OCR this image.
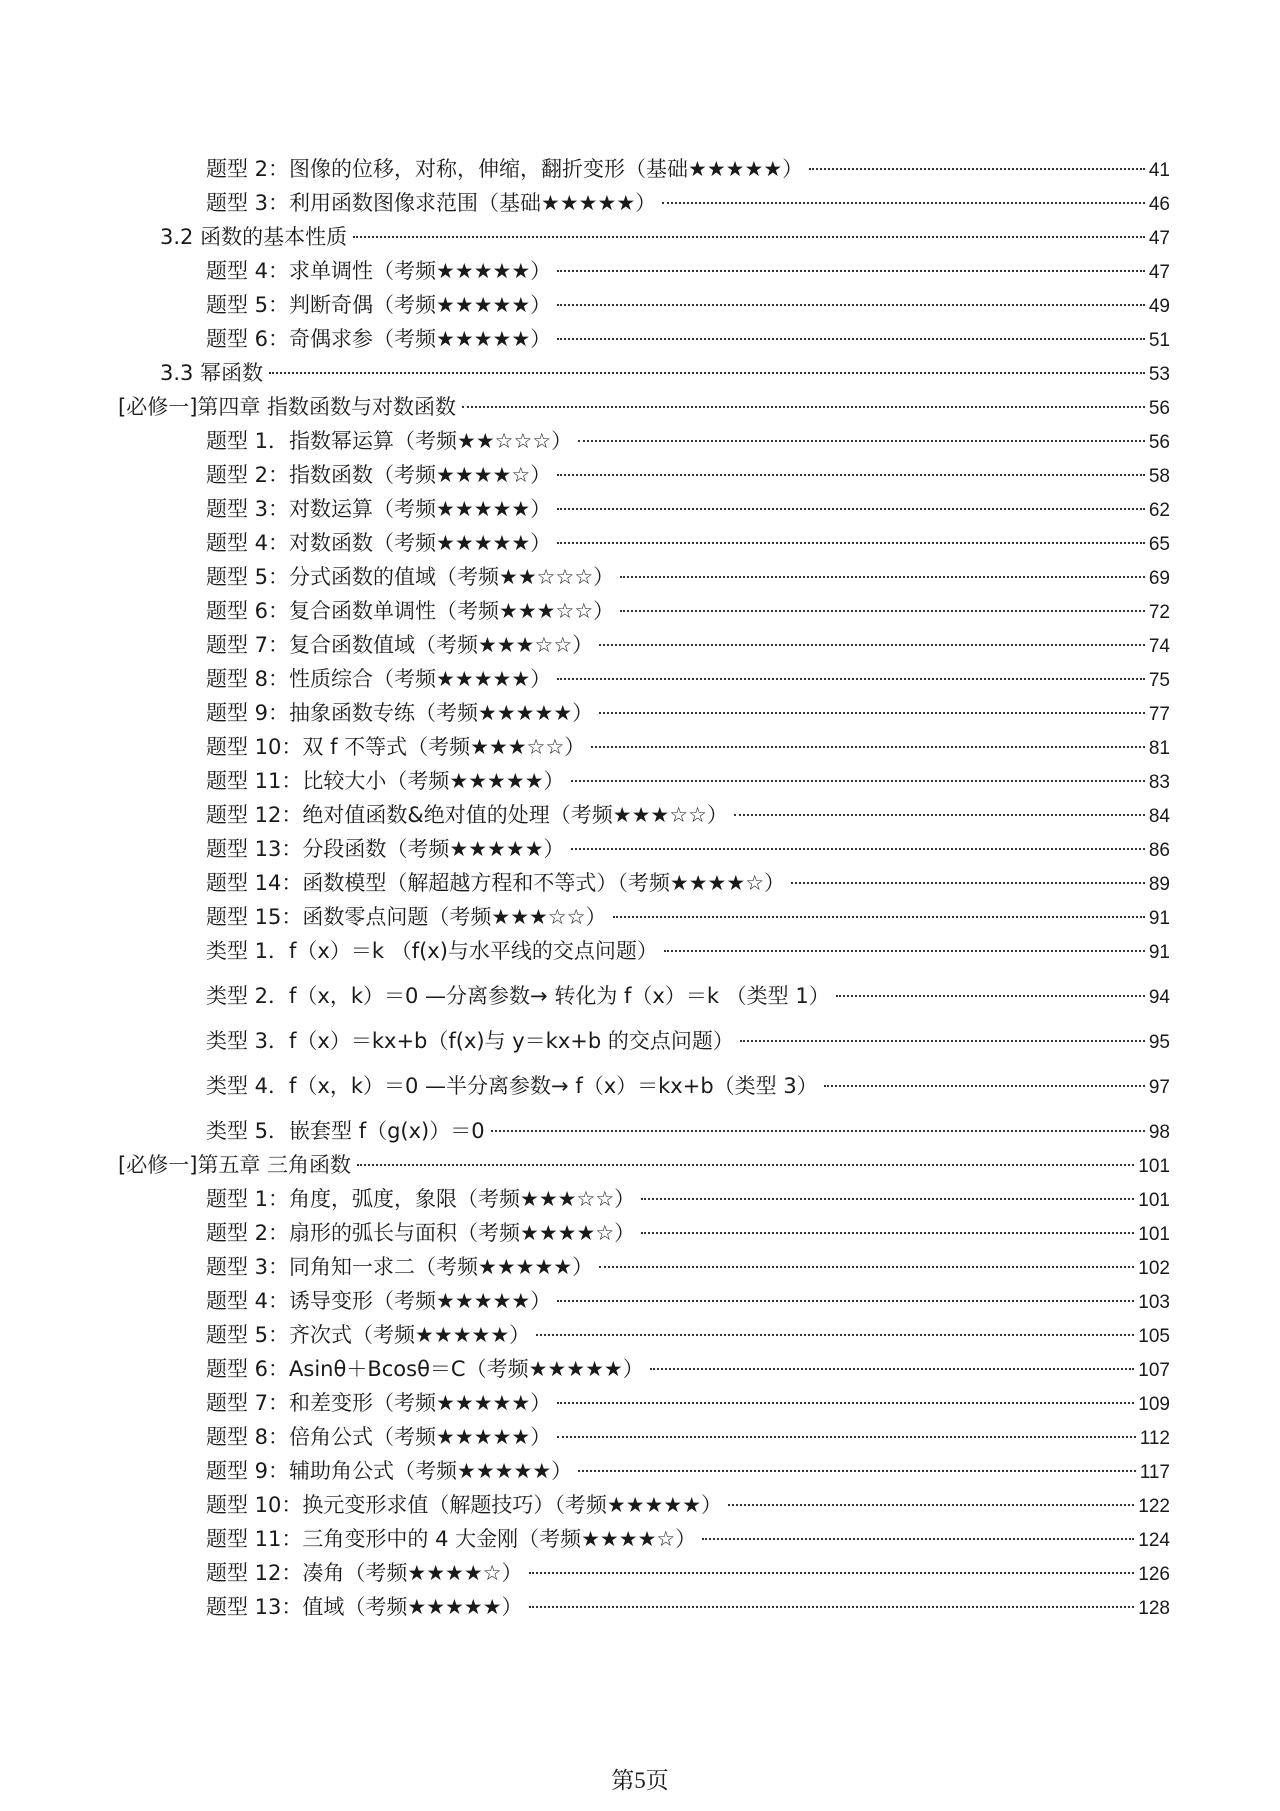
题型 2：图像的位移，对称，伸缩，翻折变形（基础★★★★★）	41
题型 3：利用函数图像求范围（基础★★★★★）	46
3.2 函数的基本性质	47
题型 4：求单调性（考频★★★★★）	47
题型 5：判断奇偶（考频★★★★★）	49
题型 6：奇偶求参（考频★★★★★）	51
3.3 幂函数	53
[必修一]第四章 指数函数与对数函数	56
题型 1．指数幂运算（考频★★☆☆☆）	56
题型 2：指数函数（考频★★★★☆）	58
题型 3：对数运算（考频★★★★★）	62
题型 4：对数函数（考频★★★★★）	65
题型 5：分式函数的值域（考频★★☆☆☆）	69
题型 6：复合函数单调性（考频★★★☆☆）	72
题型 7：复合函数值域（考频★★★☆☆）	74
题型 8：性质综合（考频★★★★★）	75
题型 9：抽象函数专练（考频★★★★★）	77
题型 10：双 f 不等式（考频★★★☆☆）	81
题型 11：比较大小（考频★★★★★）	83
题型 12：绝对值函数&绝对值的处理（考频★★★☆☆）	84
题型 13：分段函数（考频★★★★★）	86
题型 14：函数模型（解超越方程和不等式）（考频★★★★☆）	89
题型 15：函数零点问题（考频★★★☆☆）	91
类型 1．f（x）＝k （f(x)与水平线的交点问题）	91
类型 2．f（x，k）＝0 —分离参数→ 转化为 f（x）＝k （类型 1）	94
类型 3．f（x）＝kx+b（f(x)与 y＝kx+b 的交点问题）	95
类型 4．f（x，k）＝0 —半分离参数→ f（x）＝kx+b（类型 3）	97
类型 5．嵌套型 f（g(x)）＝0	98
[必修一]第五章 三角函数	101
题型 1：角度，弧度，象限（考频★★★☆☆）	101
题型 2：扇形的弧长与面积（考频★★★★☆）	101
题型 3：同角知一求二（考频★★★★★）	102
题型 4：诱导变形（考频★★★★★）	103
题型 5：齐次式（考频★★★★★）	105
题型 6：Asinθ＋Bcosθ＝C（考频★★★★★）	107
题型 7：和差变形（考频★★★★★）	109
题型 8：倍角公式（考频★★★★★）	112
题型 9：辅助角公式（考频★★★★★）	117
题型 10：换元变形求值（解题技巧）（考频★★★★★）	122
题型 11：三角变形中的 4 大金刚（考频★★★★☆）	124
题型 12：凑角（考频★★★★☆）	126
题型 13：值域（考频★★★★★）	128
第5页
